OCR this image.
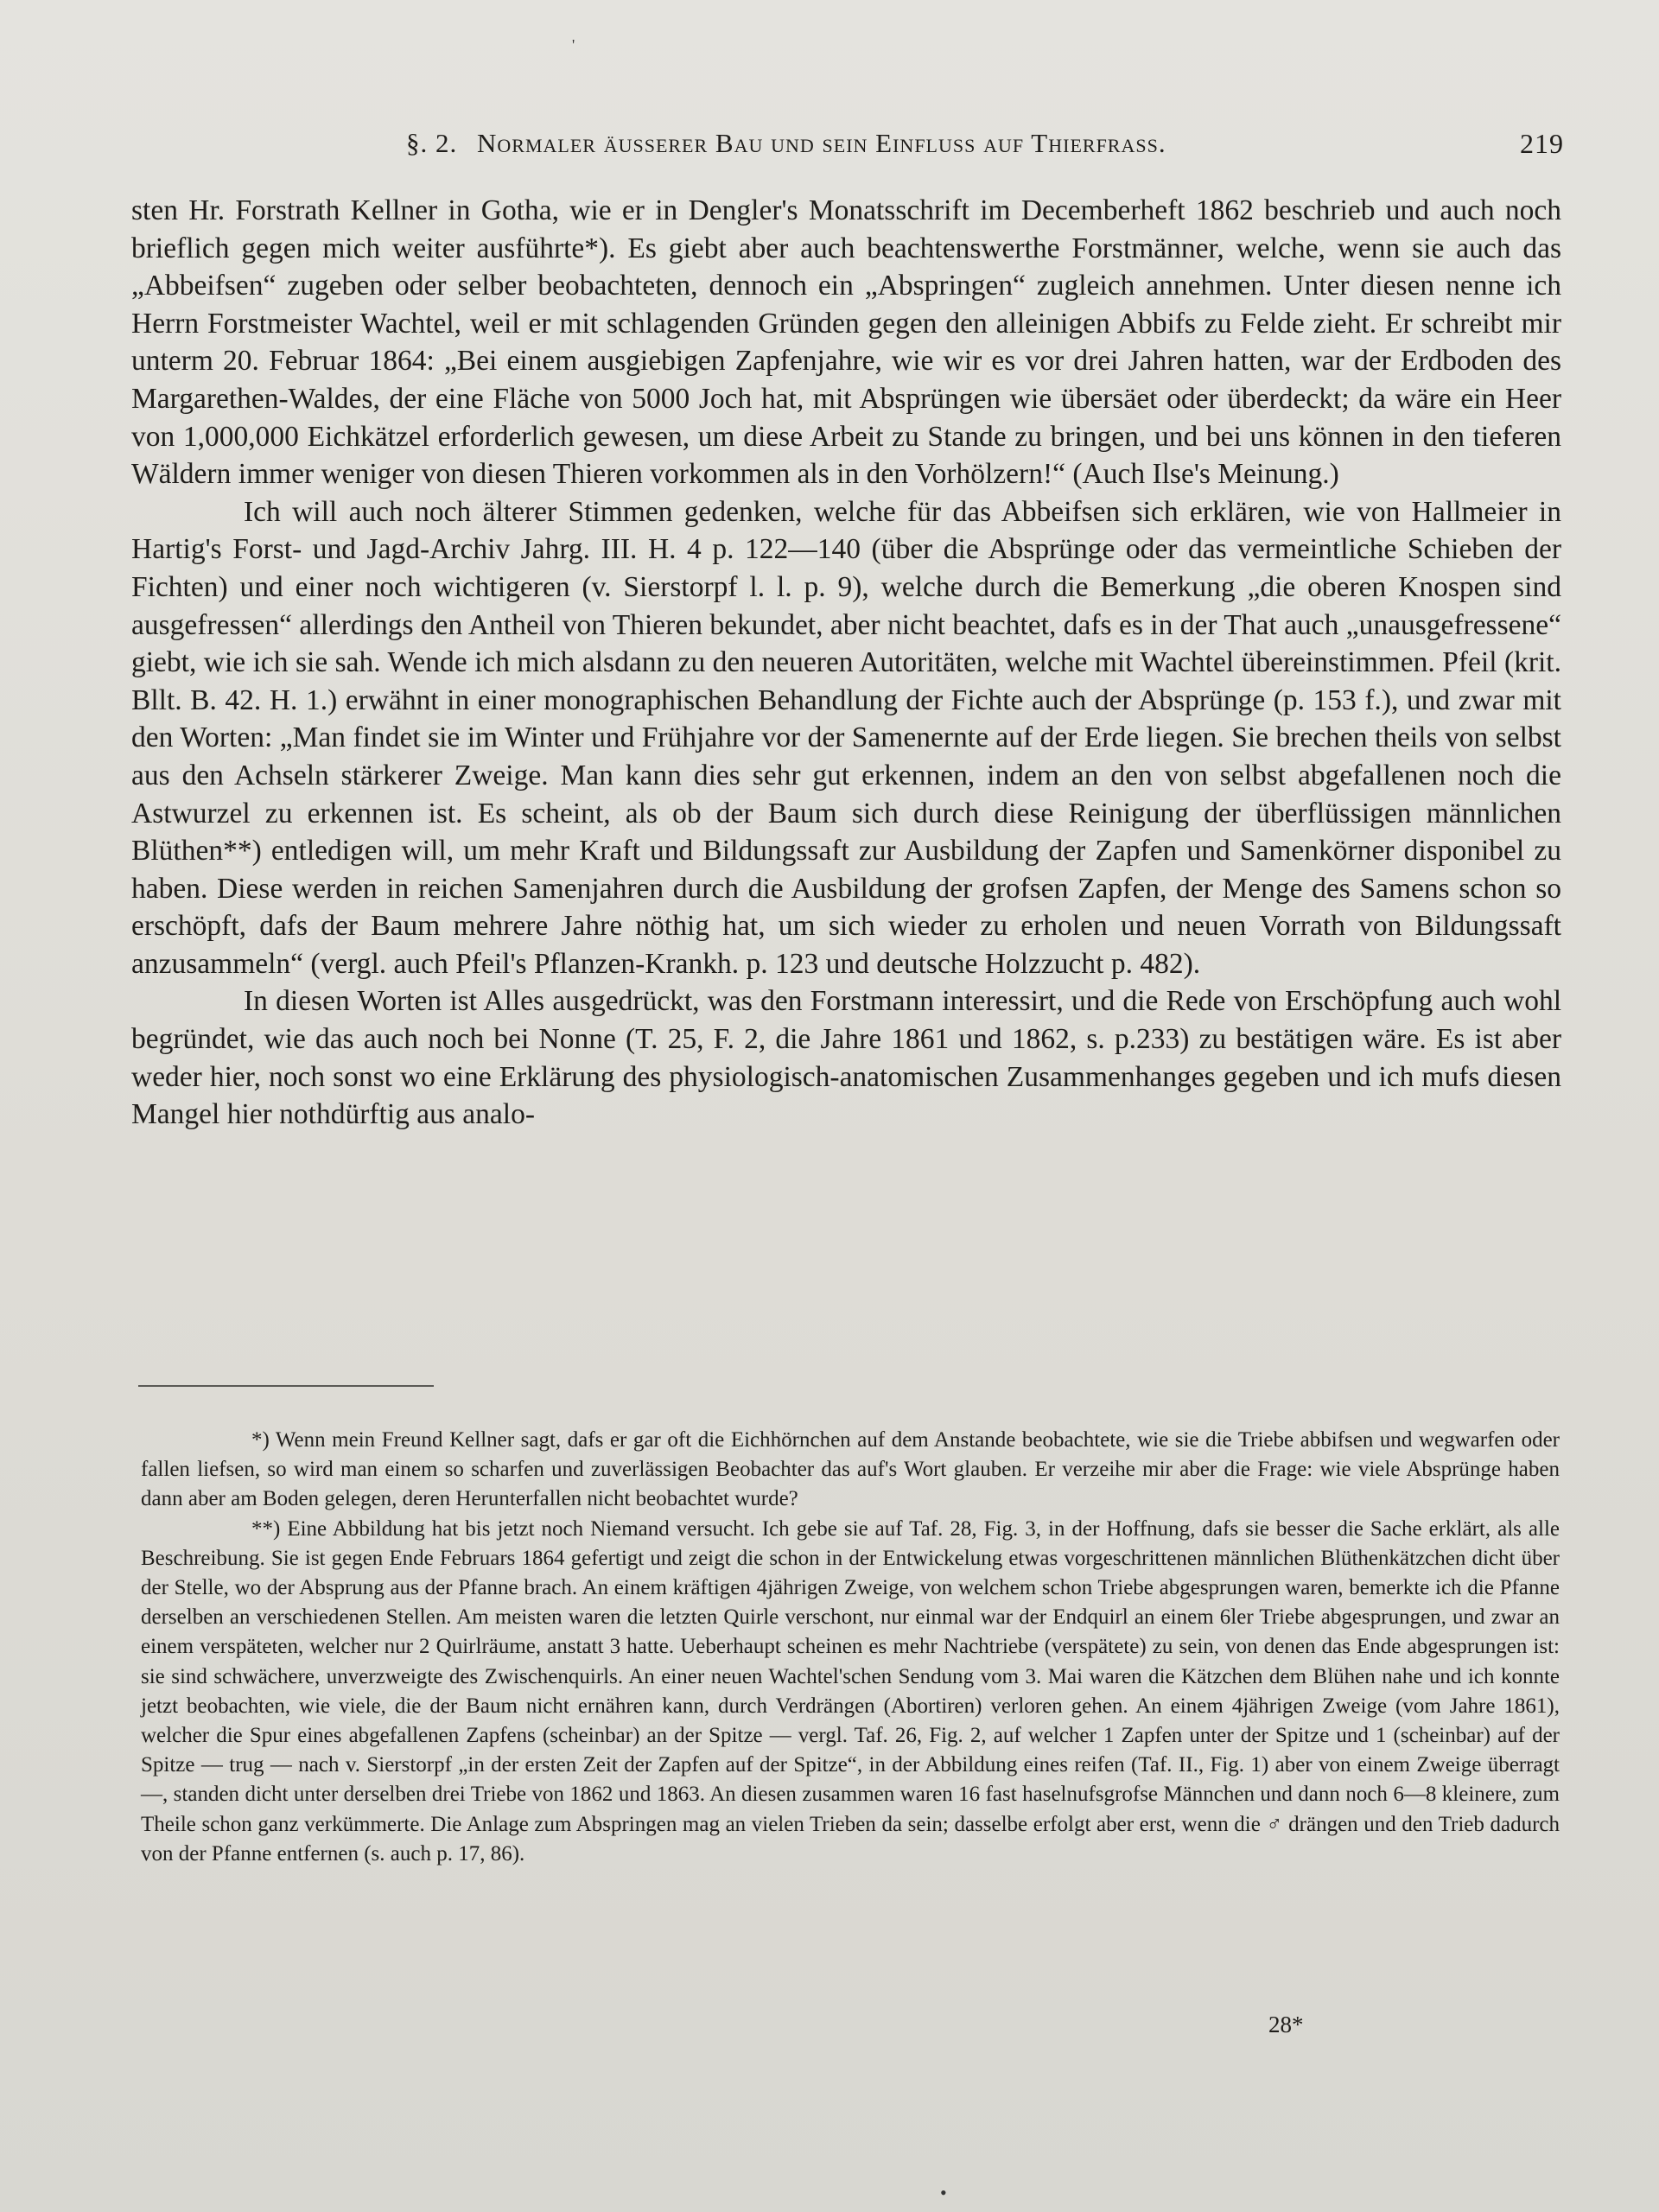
'
§. 2. Normaler äusserer Bau und sein Einfluss auf Thierfrass.	219

sten Hr. Forstrath Kellner in Gotha, wie er in Dengler's Monatsschrift im Decemberheft 1862 beschrieb und auch noch brieflich gegen mich weiter ausführte*). Es giebt aber auch beachtenswerthe Forstmänner, welche, wenn sie auch das „Abbeifsen“ zugeben oder selber beobachteten, dennoch ein „Abspringen“ zugleich annehmen. Unter diesen nenne ich Herrn Forstmeister Wachtel, weil er mit schlagenden Gründen gegen den alleinigen Abbifs zu Felde zieht. Er schreibt mir unterm 20. Februar 1864: „Bei einem ausgiebigen Zapfenjahre, wie wir es vor drei Jahren hatten, war der Erdboden des Margarethen-Waldes, der eine Fläche von 5000 Joch hat, mit Absprüngen wie übersäet oder überdeckt; da wäre ein Heer von 1,000,000 Eichkätzel erforderlich gewesen, um diese Arbeit zu Stande zu bringen, und bei uns können in den tieferen Wäldern immer weniger von diesen Thieren vorkommen als in den Vorhölzern!“ (Auch Ilse's Meinung.)

Ich will auch noch älterer Stimmen gedenken, welche für das Abbeifsen sich erklären, wie von Hallmeier in Hartig's Forst- und Jagd-Archiv Jahrg. III. H. 4 p. 122—140 (über die Absprünge oder das vermeintliche Schieben der Fichten) und einer noch wichtigeren (v. Sierstorpf l. l. p. 9), welche durch die Bemerkung „die oberen Knospen sind ausgefressen“ allerdings den Antheil von Thieren bekundet, aber nicht beachtet, dafs es in der That auch „unausgefressene“ giebt, wie ich sie sah. Wende ich mich alsdann zu den neueren Autoritäten, welche mit Wachtel übereinstimmen. Pfeil (krit. Bllt. B. 42. H. 1.) erwähnt in einer monographischen Behandlung der Fichte auch der Absprünge (p. 153 f.), und zwar mit den Worten: „Man findet sie im Winter und Frühjahre vor der Samenernte auf der Erde liegen. Sie brechen theils von selbst aus den Achseln stärkerer Zweige. Man kann dies sehr gut erkennen, indem an den von selbst abgefallenen noch die Astwurzel zu erkennen ist. Es scheint, als ob der Baum sich durch diese Reinigung der überflüssigen männlichen Blüthen**) entledigen will, um mehr Kraft und Bildungssaft zur Ausbildung der Zapfen und Samenkörner disponibel zu haben. Diese werden in reichen Samenjahren durch die Ausbildung der grofsen Zapfen, der Menge des Samens schon so erschöpft, dafs der Baum mehrere Jahre nöthig hat, um sich wieder zu erholen und neuen Vorrath von Bildungssaft anzusammeln“ (vergl. auch Pfeil's Pflanzen-Krankh. p. 123 und deutsche Holzzucht p. 482).

In diesen Worten ist Alles ausgedrückt, was den Forstmann interessirt, und die Rede von Erschöpfung auch wohl begründet, wie das auch noch bei Nonne (T. 25, F. 2, die Jahre 1861 und 1862, s. p.233) zu bestätigen wäre. Es ist aber weder hier, noch sonst wo eine Erklärung des physiologisch-anatomischen Zusammenhanges gegeben und ich mufs diesen Mangel hier nothdürftig aus analo-

*) Wenn mein Freund Kellner sagt, dafs er gar oft die Eichhörnchen auf dem Anstande beobachtete, wie sie die Triebe abbifsen und wegwarfen oder fallen liefsen, so wird man einem so scharfen und zuverlässigen Beobachter das auf's Wort glauben. Er verzeihe mir aber die Frage: wie viele Absprünge haben dann aber am Boden gelegen, deren Herunterfallen nicht beobachtet wurde?

**) Eine Abbildung hat bis jetzt noch Niemand versucht. Ich gebe sie auf Taf. 28, Fig. 3, in der Hoffnung, dafs sie besser die Sache erklärt, als alle Beschreibung. Sie ist gegen Ende Februars 1864 gefertigt und zeigt die schon in der Entwickelung etwas vorgeschrittenen männlichen Blüthenkätzchen dicht über der Stelle, wo der Absprung aus der Pfanne brach. An einem kräftigen 4jährigen Zweige, von welchem schon Triebe abgesprungen waren, bemerkte ich die Pfanne derselben an verschiedenen Stellen. Am meisten waren die letzten Quirle verschont, nur einmal war der Endquirl an einem 6ler Triebe abgesprungen, und zwar an einem verspäteten, welcher nur 2 Quirlräume, anstatt 3 hatte. Ueberhaupt scheinen es mehr Nachtriebe (verspätete) zu sein, von denen das Ende abgesprungen ist: sie sind schwächere, unverzweigte des Zwischenquirls. An einer neuen Wachtel'schen Sendung vom 3. Mai waren die Kätzchen dem Blühen nahe und ich konnte jetzt beobachten, wie viele, die der Baum nicht ernähren kann, durch Verdrängen (Abortiren) verloren gehen. An einem 4jährigen Zweige (vom Jahre 1861), welcher die Spur eines abgefallenen Zapfens (scheinbar) an der Spitze — vergl. Taf. 26, Fig. 2, auf welcher 1 Zapfen unter der Spitze und 1 (scheinbar) auf der Spitze — trug — nach v. Sierstorpf „in der ersten Zeit der Zapfen auf der Spitze“, in der Abbildung eines reifen (Taf. II., Fig. 1) aber von einem Zweige überragt —, standen dicht unter derselben drei Triebe von 1862 und 1863. An diesen zusammen waren 16 fast haselnufsgrofse Männchen und dann noch 6—8 kleinere, zum Theile schon ganz verkümmerte. Die Anlage zum Abspringen mag an vielen Trieben da sein; dasselbe erfolgt aber erst, wenn die ♂ drängen und den Trieb dadurch von der Pfanne entfernen (s. auch p. 17, 86).

28*
•
